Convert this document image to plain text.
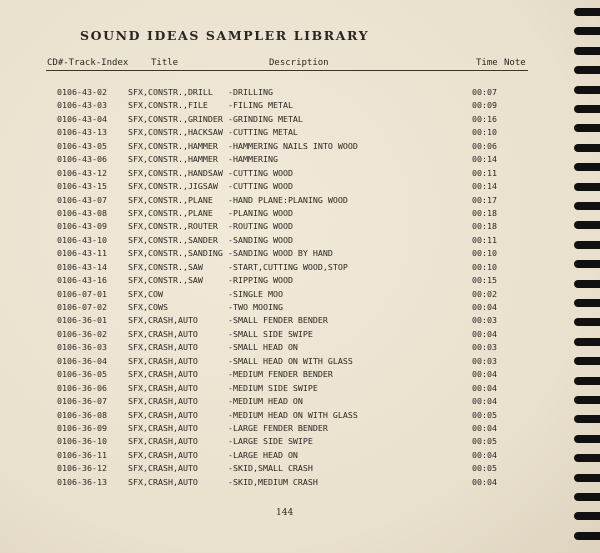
SOUND IDEAS SAMPLER LIBRARY
CD#-Track-Index	Title	Description	Time Note
0106-43-02	SFX,CONSTR.,DRILL -DRILLING	00:07
0106-43-03	SFX,CONSTR.,FILE -FILING METAL	00:09
0106-43-04	SFX,CONSTR.,GRINDER -GRINDING METAL	00:16
0106-43-13	SFX,CONSTR.,HACKSAW -CUTTING METAL	00:10
0106-43-05	SFX,CONSTR.,HAMMER -HAMMERING NAILS INTO WOOD	00:06
0106-43-06	SFX,CONSTR.,HAMMER -HAMMERING	00:14
0106-43-12	SFX,CONSTR.,HANDSAW -CUTTING WOOD	00:11
0106-43-15	SFX,CONSTR.,JIGSAW -CUTTING WOOD	00:14
0106-43-07	SFX,CONSTR.,PLANE -HAND PLANE:PLANING WOOD	00:17
0106-43-08	SFX,CONSTR.,PLANE -PLANING WOOD	00:18
0106-43-09	SFX,CONSTR.,ROUTER -ROUTING WOOD	00:18
0106-43-10	SFX,CONSTR.,SANDER -SANDING WOOD	00:11
0106-43-11	SFX,CONSTR.,SANDING -SANDING WOOD BY HAND	00:10
0106-43-14	SFX,CONSTR.,SAW	-START,CUTTING WOOD,STOP	00:10
0106-43-16	SFX,CONSTR.,SAW	-RIPPING WOOD	00:15
0106-07-01	SFX,COW	-SINGLE MOO	00:02
0106-07-02	SFX,COWS	-TWO MOOING	00:04
0106-36-01	SFX,CRASH,AUTO	-SMALL FENDER BENDER	00:03
0106-36-02	SFX,CRASH,AUTO	-SMALL SIDE SWIPE	00:04
0106-36-03	SFX,CRASH,AUTO	-SMALL HEAD ON	00:03
0106-36-04	SFX,CRASH,AUTO	-SMALL HEAD ON WITH GLASS	00:03
0106-36-05	SFX,CRASH,AUTO	-MEDIUM FENDER BENDER	00:04
0106-36-06	SFX,CRASH,AUTO	-MEDIUM SIDE SWIPE	00:04
0106-36-07	SFX,CRASH,AUTO	-MEDIUM HEAD ON	00:04
0106-36-08	SFX,CRASH,AUTO	-MEDIUM HEAD ON WITH GLASS	00:05
0106-36-09	SFX,CRASH,AUTO	-LARGE FENDER BENDER	00:04
0106-36-10	SFX,CRASH,AUTO	-LARGE SIDE SWIPE	00:05
0106-36-11	SFX,CRASH,AUTO	-LARGE HEAD ON	00:04
0106-36-12	SFX,CRASH,AUTO	-SKID,SMALL CRASH	00:05
0106-36-13	SFX,CRASH,AUTO	-SKID,MEDIUM CRASH	00:04
144
